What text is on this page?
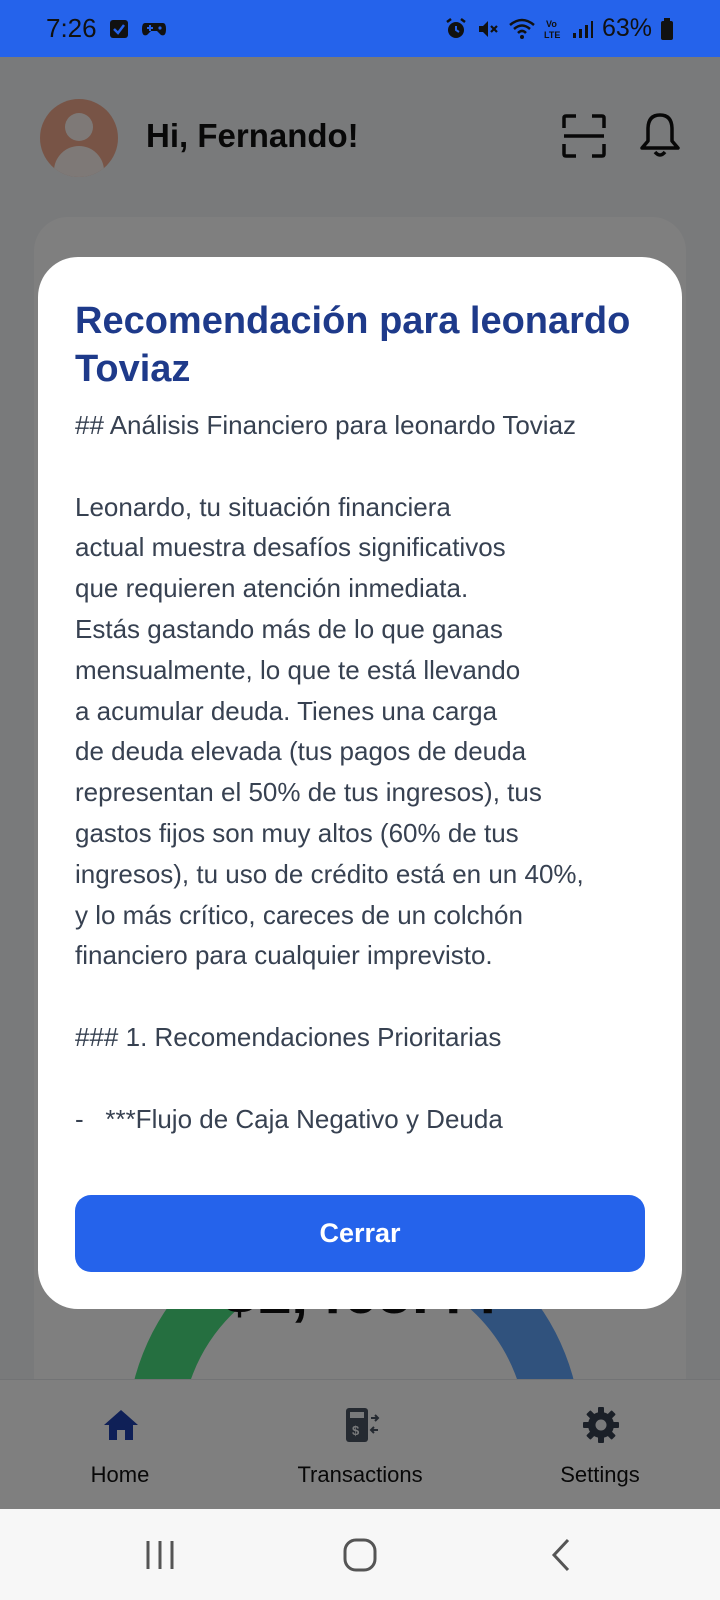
7:26	Vo
LTE 63%
Recomendación para leonardo Toviaz

## Análisis Financiero para leonardo Toviaz

Leonardo, tu situación financiera
actual muestra desafíos significativos
que requieren atención inmediata.
Estás gastando más de lo que ganas
mensualmente, lo que te está llevando
a acumular deuda. Tienes una carga
de deuda elevada (tus pagos de deuda
representan el 50% de tus ingresos), tus
gastos fijos son muy altos (60% de tus
ingresos), tu uso de crédito está en un 40%,
y lo más crítico, careces de un colchón
financiero para cualquier imprevisto.

### 1. Recomendaciones Prioritarias

-   ***Flujo de Caja Negativo y Deuda

Cerrar
